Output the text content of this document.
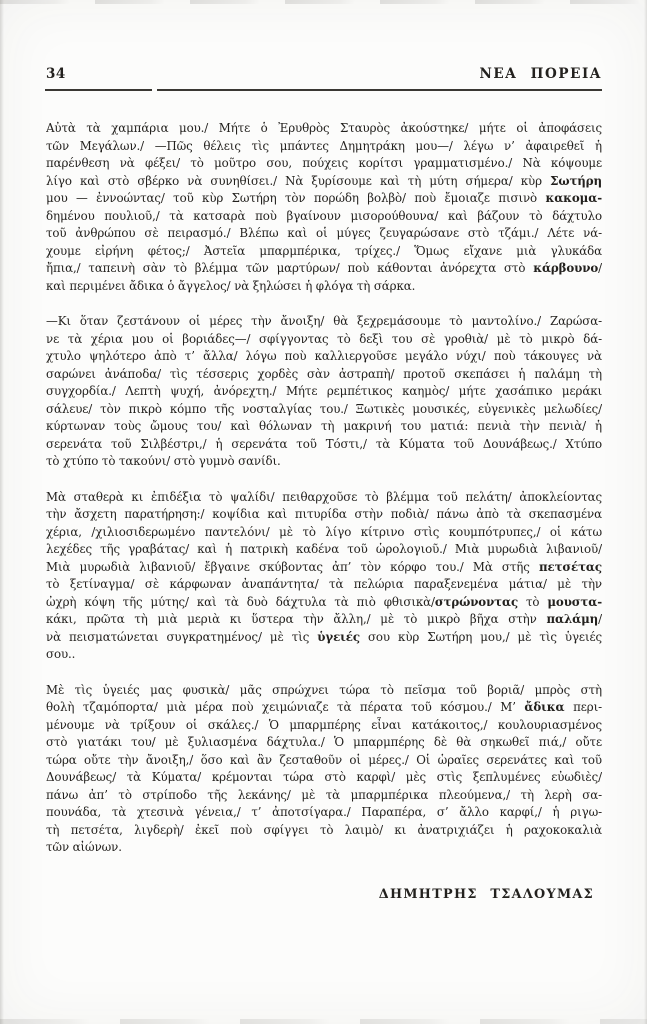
34	ΝΕΑ ΠΟΡΕΙΑ
Αὐτὰ τὰ χαμπάρια μου./ Μήτε ὁ Ἐρυθρὸς Σταυρὸς ἀκούστηκε/ μήτε οἱ ἀποφάσεις
τῶν Μεγάλων./ —Πῶς θέλεις τὶς μπάντες Δημητράκη μου—/ λέγω ν’ ἀφαιρεθεῖ ἡ
παρένθεση νὰ φέξει/ τὸ μοῦτρο σου, πούχεις κορίτσι γραμματισμένο./ Νὰ κόψουμε
λίγο καὶ στὸ σβέρκο νὰ συνηθίσει./ Νὰ ξυρίσουμε καὶ τὴ μύτη σήμερα/ κὺρ Σωτήρη
μου — ἐννοώντας/ τοῦ κὺρ Σωτήρη τὸν πορώδη βολβὸ/ ποὺ ἔμοιαζε πισινὸ κακομα-
δημένου πουλιοῦ,/ τὰ κατσαρὰ ποὺ βγαίνουν μισορούθουνα/ καὶ βάζουν τὸ δάχτυλο
τοῦ ἀνθρώπου σὲ πειρασμό./ Βλέπω καὶ οἱ μύγες ζευγαρώσανε στὸ τζάμι./ Λέτε νά-
χουμε εἰρήνη φέτος;/ Ἀστεῖα μπαρμπέρικα, τρίχες./ Ὅμως εἴχανε μιὰ γλυκάδα
ἤπια,/ ταπεινὴ σὰν τὸ βλέμμα τῶν μαρτύρων/ ποὺ κάθονται ἀνόρεχτα στὸ κάρβουνο/
καὶ περιμένει ἄδικα ὁ ἄγγελος/ νὰ ξηλώσει ἡ φλόγα τὴ σάρκα.
—Κι ὅταν ζεστάνουν οἱ μέρες τὴν ἄνοιξη/ θὰ ξεχρεμάσουμε τὸ μαντολίνο./ Ζαρώσα-
νε τὰ χέρια μου οἱ βοριάδες—/ σφίγγοντας τὸ δεξὶ του σὲ γροθιὰ/ μὲ τὸ μικρὸ δά-
χτυλο ψηλότερο ἀπὸ τ’ ἄλλα/ λόγω ποὺ καλλιεργοῦσε μεγάλο νύχι/ ποὺ τάκουγες νὰ
σαρώνει ἀνάποδα/ τὶς τέσσερις χορδὲς σὰν ἀστραπὴ/ προτοῦ σκεπάσει ἡ παλάμη τὴ
συγχορδία./ Λεπτὴ ψυχή, ἀνόρεχτη./ Μήτε ρεμπέτικος καημὸς/ μήτε χασάπικο μεράκι
σάλευε/ τὸν πικρὸ κόμπο τῆς νοσταλγίας του./ Ξωτικὲς μουσικές, εὐγενικὲς μελωδίες/
κύρτωναν τοὺς ὤμους του/ καὶ θόλωναν τὴ μακρινή του ματιά: πενιὰ τὴν πενιὰ/ ἡ
σερενάτα τοῦ Σιλβέστρι,/ ἡ σερενάτα τοῦ Τόστι,/ τὰ Κύματα τοῦ Δουνάβεως./ Χτύπο
τὸ χτύπο τὸ τακούνι/ στὸ γυμνὸ σανίδι.
Μὰ σταθερὰ κι ἐπιδέξια τὸ ψαλίδι/ πειθαρχοῦσε τὸ βλέμμα τοῦ πελάτη/ ἀποκλείοντας
τὴν ἄσχετη παρατήρηση:/ κοψίδια καὶ πιτυρίδα στὴν ποδιὰ/ πάνω ἀπὸ τὰ σκεπασμένα
χέρια, /χιλιοσιδερωμένο παντελόνι/ μὲ τὸ λίγο κίτρινο στὶς κουμπότρυπες,/ οἱ κάτω
λεχέδες τῆς γραβάτας/ καὶ ἡ πατρικὴ καδένα τοῦ ὡρολογιοῦ./ Μιὰ μυρωδιὰ λιβανιοῦ/
Μιὰ μυρωδιὰ λιβανιοῦ/ ἔβγαινε σκύβοντας ἀπ’ τὸν κόρφο του./ Μὰ στῆς πετσέτας
τὸ ξετίναγμα/ σὲ κάρφωναν ἀναπάντητα/ τὰ πελώρια παραξενεμένα μάτια/ μὲ τὴν
ὠχρὴ κόψη τῆς μύτης/ καὶ τὰ δυὸ δάχτυλα τὰ πιὸ φθισικὰ/στρώνοντας τὸ μουστα-
κάκι, πρῶτα τὴ μιὰ μεριὰ κι ὕστερα τὴν ἄλλη,/ μὲ τὸ μικρὸ βῆχα στὴν παλάμη/
νὰ πεισματώνεται συγκρατημένος/ μὲ τὶς ὑγειές σου κὺρ Σωτήρη μου,/ μὲ τὶς ὑγειές
σου..
Μὲ τὶς ὑγειές μας φυσικὰ/ μᾶς σπρώχνει τώρα τὸ πεῖσμα τοῦ βοριᾶ/ μπρὸς στὴ
θολὴ τζαμόπορτα/ μιὰ μέρα ποὺ χειμώνιαζε τὰ πέρατα τοῦ κόσμου./ Μ’ ἄδικα περι-
μένουμε νὰ τρίξουν οἱ σκάλες./ Ὁ μπαρμπέρης εἶναι κατάκοιτος,/ κουλουριασμένος
στὸ γιατάκι του/ μὲ ξυλιασμένα δάχτυλα./ Ὁ μπαρμπέρης δὲ θὰ σηκωθεῖ πιά,/ οὔτε
τώρα οὔτε τὴν ἄνοιξη,/ ὅσο καὶ ἂν ζεσταθοῦν οἱ μέρες./ Οἱ ὡραῖες σερενάτες καὶ τοῦ
Δουνάβεως/ τὰ Κύματα/ κρέμονται τώρα στὸ καρφὶ/ μὲς στὶς ξεπλυμένες εὐωδιὲς/
πάνω ἀπ’ τὸ στρίποδο τῆς λεκάνης/ μὲ τὰ μπαρμπέρικα πλεούμενα,/ τὴ λερὴ σα-
πουνάδα, τὰ χτεσινὰ γένεια,/ τ’ ἀποτσίγαρα./ Παραπέρα, σ’ ἄλλο καρφί,/ ἡ ριγω-
τὴ πετσέτα, λιγδερὴ/ ἐκεῖ ποὺ σφίγγει τὸ λαιμὸ/ κι ἀνατριχιάζει ἡ ραχοκοκαλιὰ
τῶν αἰώνων.
ΔΗΜΗΤΡΗΣ ΤΣΑΛΟΥΜΑΣ
